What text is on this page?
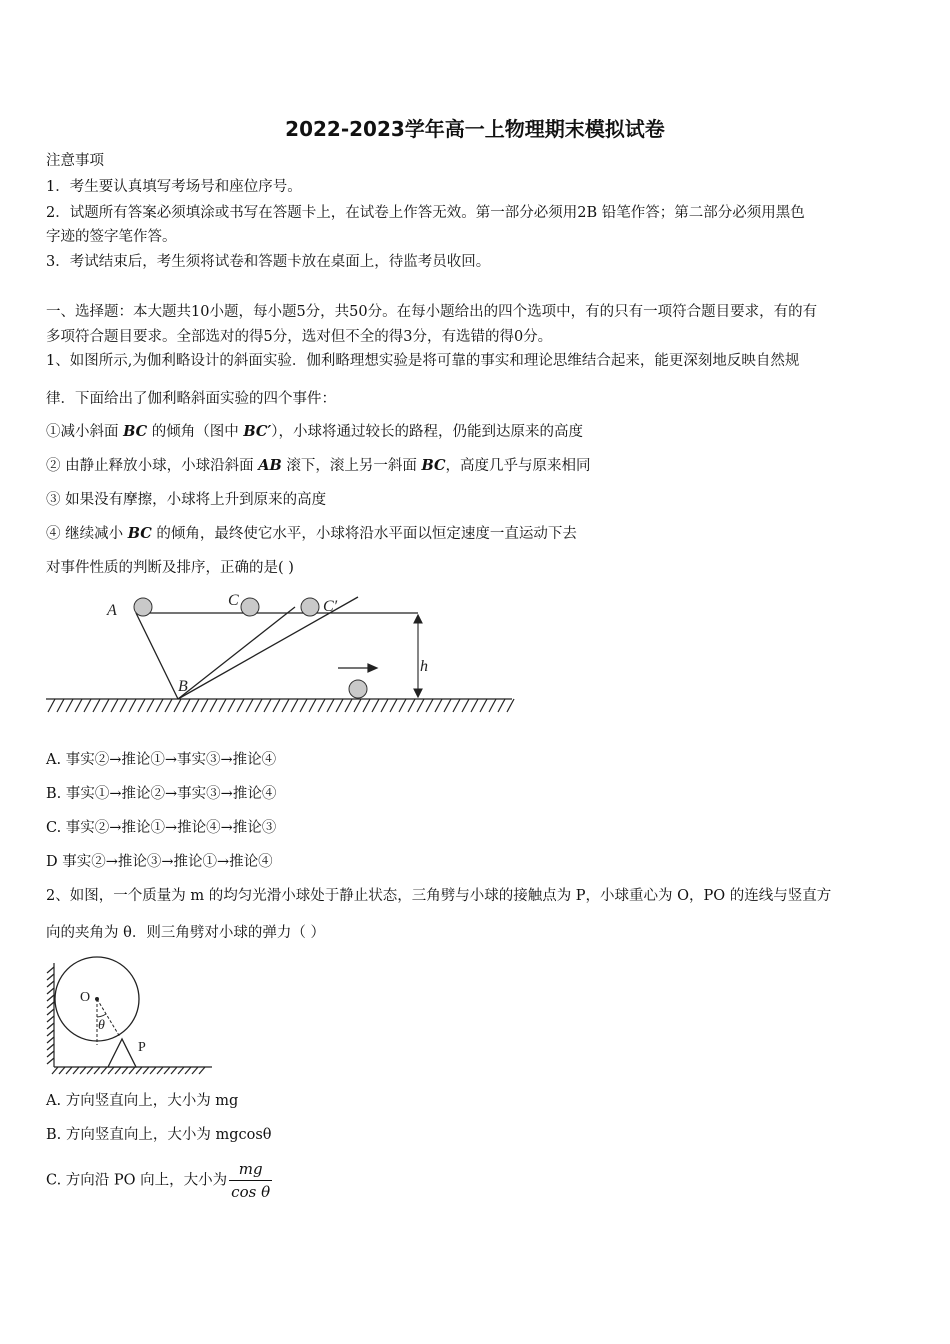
2022-2023学年高一上物理期末模拟试卷
注意事项
1．考生要认真填写考场号和座位序号。
2．试题所有答案必须填涂或书写在答题卡上，在试卷上作答无效。第一部分必须用2B 铅笔作答；第二部分必须用黑色
字迹的签字笔作答。
3．考试结束后，考生须将试卷和答题卡放在桌面上，待监考员收回。
一、选择题：本大题共10小题，每小题5分，共50分。在每小题给出的四个选项中，有的只有一项符合题目要求，有的有
多项符合题目要求。全部选对的得5分，选对但不全的得3分，有选错的得0分。
1、如图所示,为伽利略设计的斜面实验．伽利略理想实验是将可靠的事实和理论思维结合起来，能更深刻地反映自然规
律．下面给出了伽利略斜面实验的四个事件：
①减小斜面 BC 的倾角（图中 BC′），小球将通过较长的路程，仍能到达原来的高度
② 由静止释放小球，小球沿斜面 AB 滚下，滚上另一斜面 BC，高度几乎与原来相同
③ 如果没有摩擦，小球将上升到原来的高度
④ 继续减小 BC 的倾角，最终使它水平，小球将沿水平面以恒定速度一直运动下去
对事件性质的判断及排序，正确的是( )
A
B
C	C′
h
A. 事实②→推论①→事实③→推论④
B. 事实①→推论②→事实③→推论④
C. 事实②→推论①→推论④→推论③
D 事实②→推论③→推论①→推论④
2、如图，一个质量为 m 的均匀光滑小球处于静止状态，三角劈与小球的接触点为 P，小球重心为 O，PO 的连线与竖直方
向的夹角为 θ．则三角劈对小球的弹力（ ）
O
θ
P
A. 方向竖直向上，大小为 mg
B. 方向竖直向上，大小为 mgcosθ
C. 方向沿 PO 向上，大小为 $\frac{mg}{\text{cos θ}}$
